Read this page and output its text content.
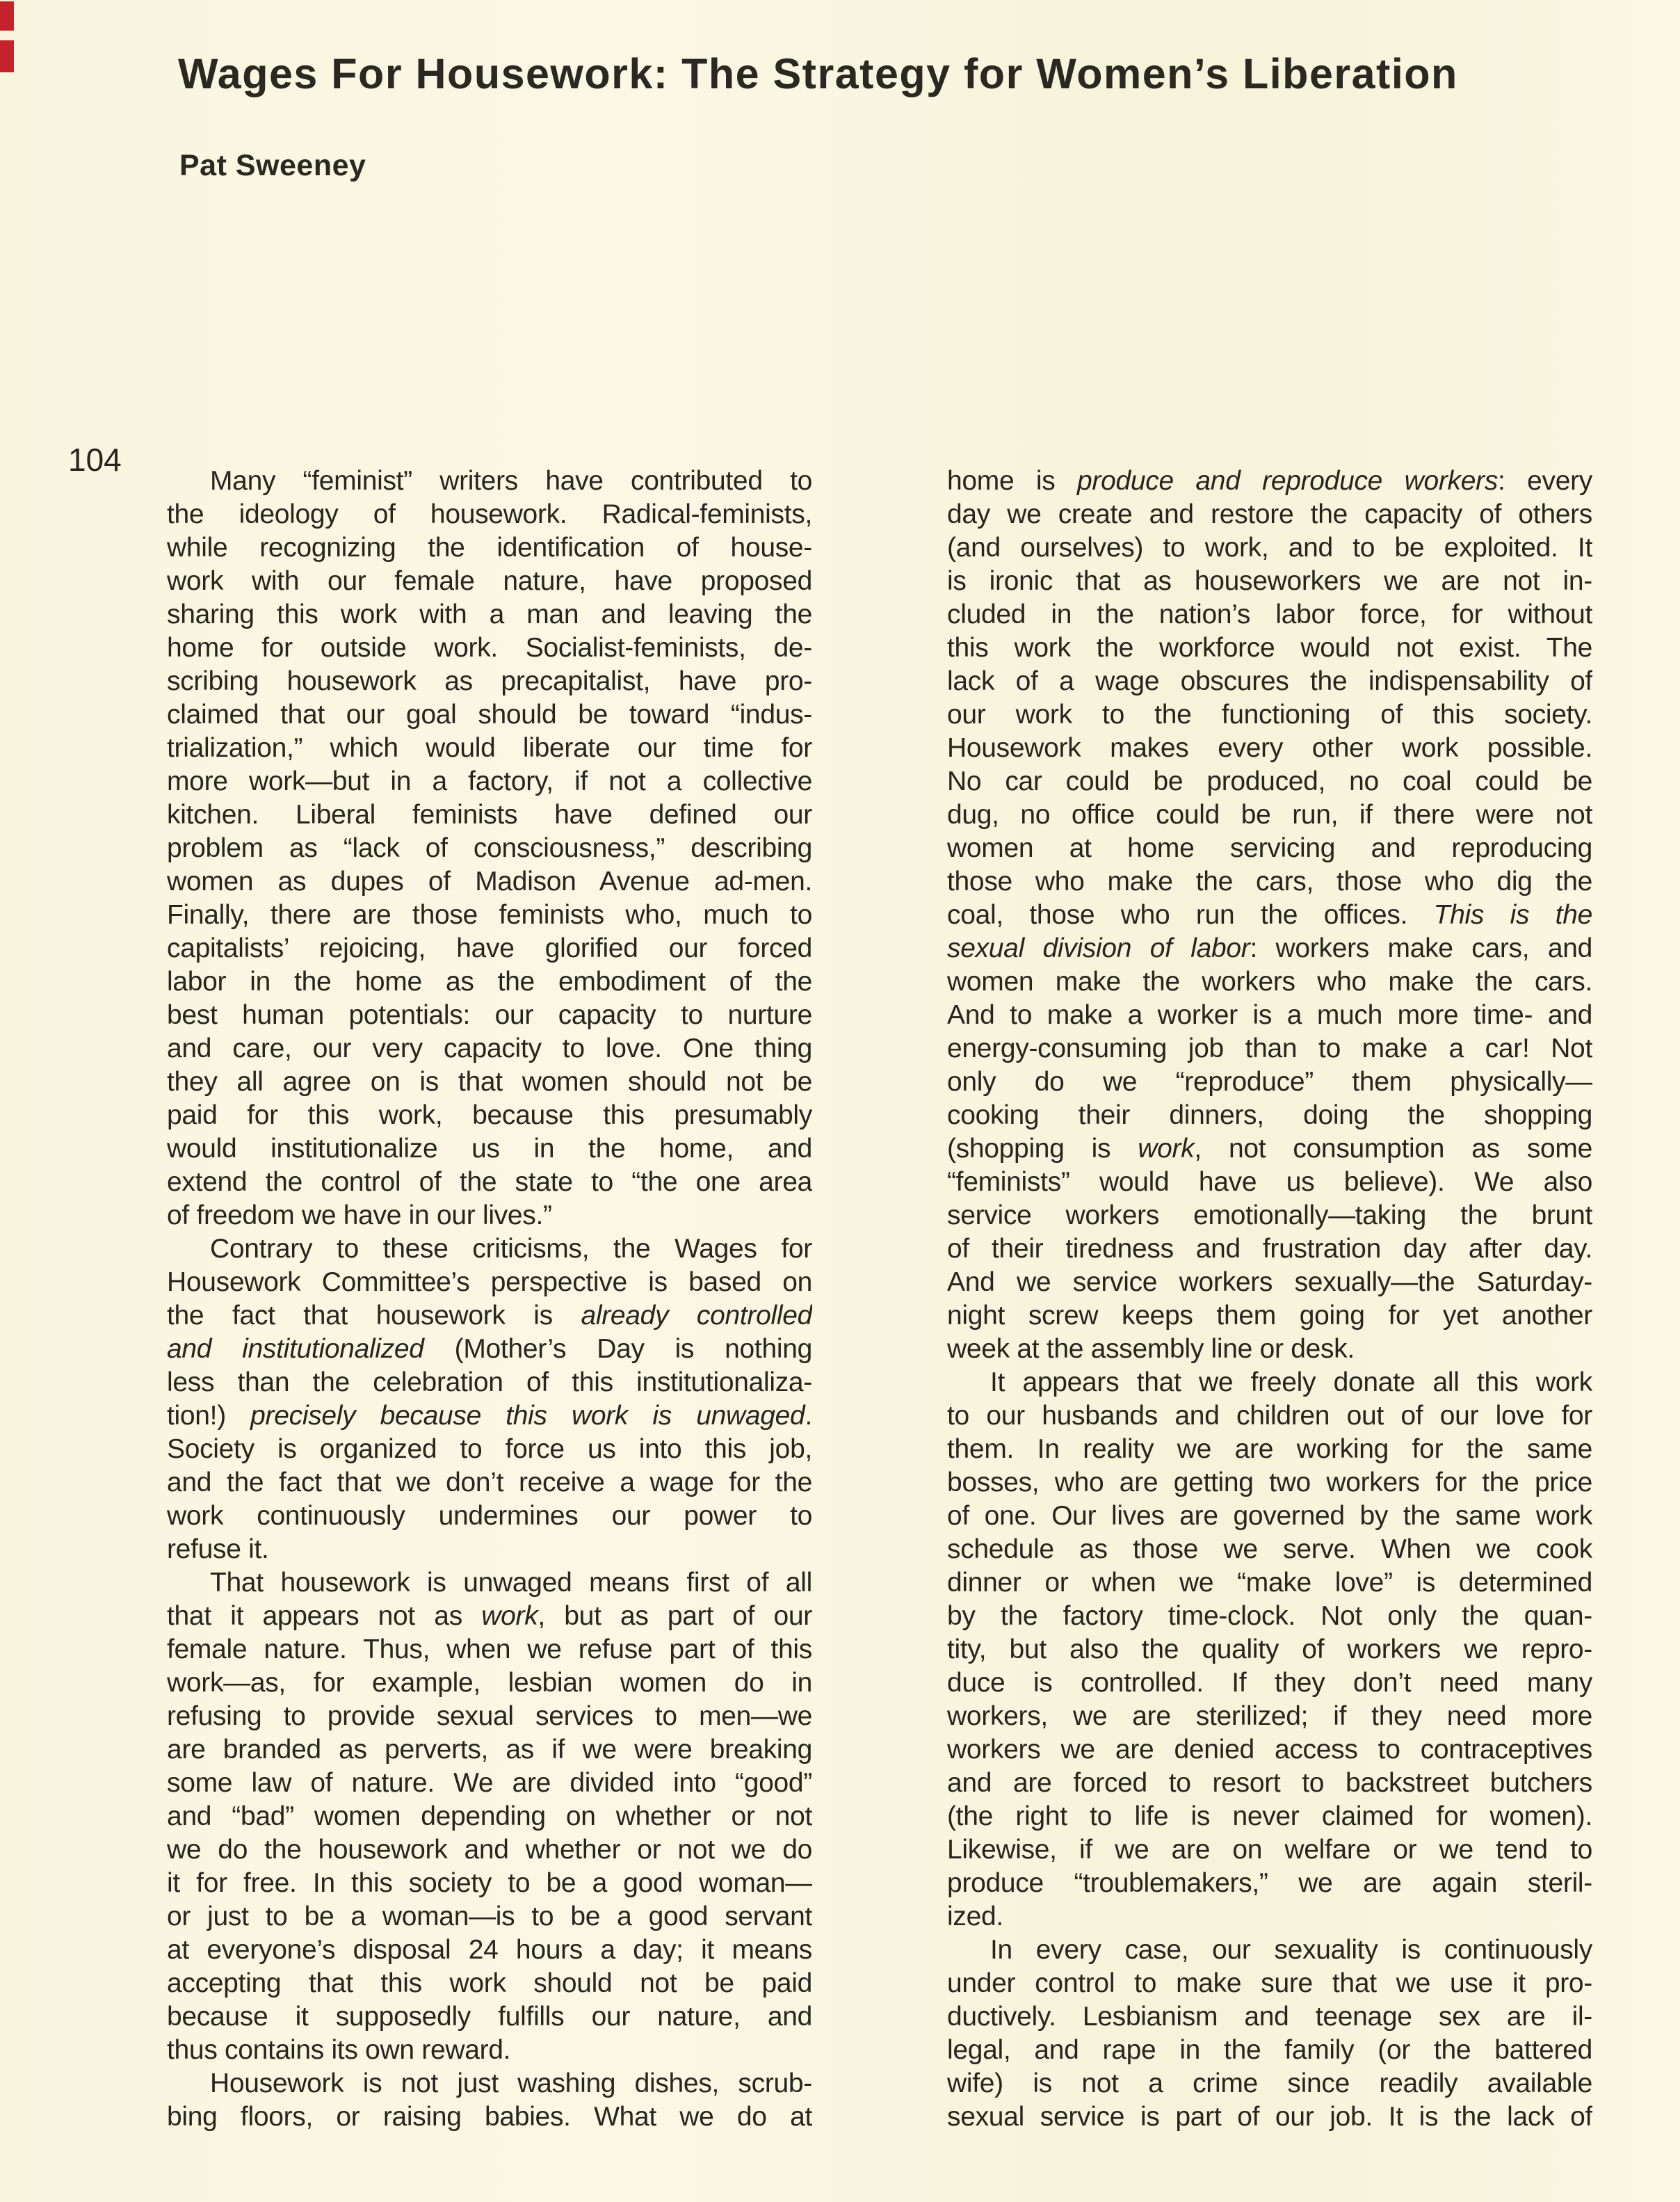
Wages For Housework: The Strategy for Women’s Liberation
Pat Sweeney
104
Many “feminist” writers have contributed to
the ideology of housework. Radical-feminists,
while recognizing the identification of house-
work with our female nature, have proposed
sharing this work with a man and leaving the
home for outside work. Socialist-feminists, de-
scribing housework as precapitalist, have pro-
claimed that our goal should be toward “indus-
trialization,” which would liberate our time for
more work—but in a factory, if not a collective
kitchen. Liberal feminists have defined our
problem as “lack of consciousness,” describing
women as dupes of Madison Avenue ad-men.
Finally, there are those feminists who, much to
capitalists’ rejoicing, have glorified our forced
labor in the home as the embodiment of the
best human potentials: our capacity to nurture
and care, our very capacity to love. One thing
they all agree on is that women should not be
paid for this work, because this presumably
would institutionalize us in the home, and
extend the control of the state to “the one area
of freedom we have in our lives.”
Contrary to these criticisms, the Wages for
Housework Committee’s perspective is based on
the fact that housework is already controlled
and institutionalized (Mother’s Day is nothing
less than the celebration of this institutionaliza-
tion!) precisely because this work is unwaged.
Society is organized to force us into this job,
and the fact that we don’t receive a wage for the
work continuously undermines our power to
refuse it.
That housework is unwaged means first of all
that it appears not as work, but as part of our
female nature. Thus, when we refuse part of this
work—as, for example, lesbian women do in
refusing to provide sexual services to men—we
are branded as perverts, as if we were breaking
some law of nature. We are divided into “good”
and “bad” women depending on whether or not
we do the housework and whether or not we do
it for free. In this society to be a good woman—
or just to be a woman—is to be a good servant
at everyone’s disposal 24 hours a day; it means
accepting that this work should not be paid
because it supposedly fulfills our nature, and
thus contains its own reward.
Housework is not just washing dishes, scrub-
bing floors, or raising babies. What we do at
home is produce and reproduce workers: every
day we create and restore the capacity of others
(and ourselves) to work, and to be exploited. It
is ironic that as houseworkers we are not in-
cluded in the nation’s labor force, for without
this work the workforce would not exist. The
lack of a wage obscures the indispensability of
our work to the functioning of this society.
Housework makes every other work possible.
No car could be produced, no coal could be
dug, no office could be run, if there were not
women at home servicing and reproducing
those who make the cars, those who dig the
coal, those who run the offices. This is the
sexual division of labor: workers make cars, and
women make the workers who make the cars.
And to make a worker is a much more time- and
energy-consuming job than to make a car! Not
only do we “reproduce” them physically—
cooking their dinners, doing the shopping
(shopping is work, not consumption as some
“feminists” would have us believe). We also
service workers emotionally—taking the brunt
of their tiredness and frustration day after day.
And we service workers sexually—the Saturday-
night screw keeps them going for yet another
week at the assembly line or desk.
It appears that we freely donate all this work
to our husbands and children out of our love for
them. In reality we are working for the same
bosses, who are getting two workers for the price
of one. Our lives are governed by the same work
schedule as those we serve. When we cook
dinner or when we “make love” is determined
by the factory time-clock. Not only the quan-
tity, but also the quality of workers we repro-
duce is controlled. If they don’t need many
workers, we are sterilized; if they need more
workers we are denied access to contraceptives
and are forced to resort to backstreet butchers
(the right to life is never claimed for women).
Likewise, if we are on welfare or we tend to
produce “troublemakers,” we are again steril-
ized.
In every case, our sexuality is continuously
under control to make sure that we use it pro-
ductively. Lesbianism and teenage sex are il-
legal, and rape in the family (or the battered
wife) is not a crime since readily available
sexual service is part of our job. It is the lack of
